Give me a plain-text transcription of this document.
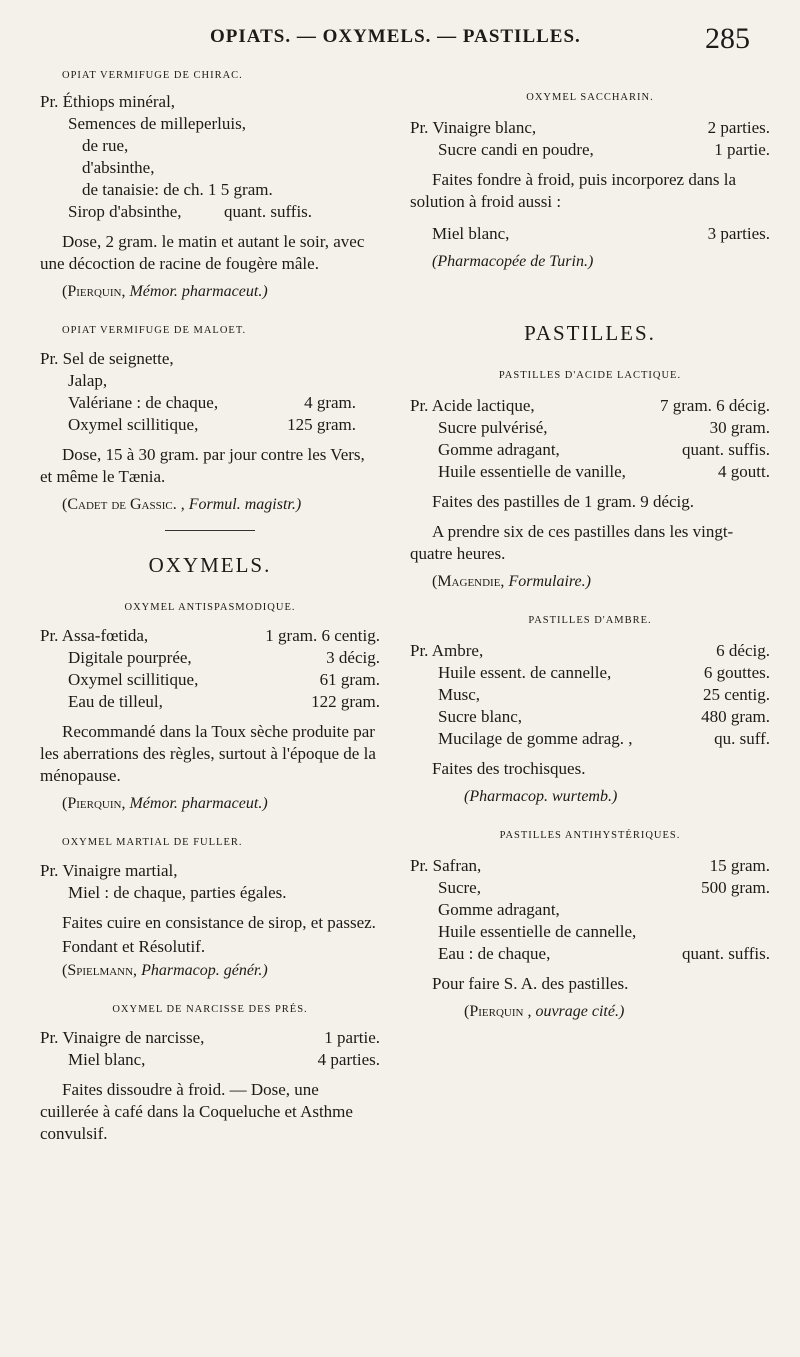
OPIATS. — OXYMELS. — PASTILLES.	285
OPIAT VERMIFUGE DE CHIRAC.
Pr. Éthiops minéral,
Semences de milleperluis,
de rue,
d'absinthe,
de tanaisie: de ch. 1 5 gram.
Sirop d'absinthe,          quant. suffis.
Dose, 2 gram. le matin et autant le soir, avec une décoction de racine de fougère mâle.
(Pierquin, Mémor. pharmaceut.)
OPIAT VERMIFUGE DE MALOET.
Pr. Sel de seignette,
Jalap,
Valériane : de chaque,	4 gram.
Oxymel scillitique,	125 gram.
Dose, 15 à 30 gram. par jour contre les Vers, et même le Tænia.
(Cadet de Gassic. , Formul. magistr.)
OXYMELS.
OXYMEL ANTISPASMODIQUE.
Pr. Assa-fœtida,	1 gram. 6 centig.
Digitale pourprée,	3 décig.
Oxymel scillitique,	61 gram.
Eau de tilleul,	122 gram.
Recommandé dans la Toux sèche produite par les aberrations des règles, surtout à l'époque de la ménopause.
(Pierquin, Mémor. pharmaceut.)
OXYMEL MARTIAL DE FULLER.
Pr. Vinaigre martial,
Miel : de chaque, parties égales.
Faites cuire en consistance de sirop, et passez.
Fondant et Résolutif.
(Spielmann, Pharmacop. génér.)
OXYMEL DE NARCISSE DES PRÉS.
Pr. Vinaigre de narcisse,	1 partie.
Miel blanc,	4 parties.
Faites dissoudre à froid. — Dose, une cuillerée à café dans la Coqueluche et Asthme convulsif.
OXYMEL SACCHARIN.
Pr. Vinaigre blanc,	2 parties.
Sucre candi en poudre,	1 partie.
Faites fondre à froid, puis incorporez dans la solution à froid aussi :
Miel blanc,	3 parties.
(Pharmacopée de Turin.)
PASTILLES.
PASTILLES D'ACIDE LACTIQUE.
Pr. Acide lactique,	7 gram. 6 décig.
Sucre pulvérisé,	30 gram.
Gomme adragant,	quant. suffis.
Huile essentielle de vanille,	4 goutt.
Faites des pastilles de 1 gram. 9 décig.
A prendre six de ces pastilles dans les vingt-quatre heures.
(Magendie, Formulaire.)
PASTILLES D'AMBRE.
Pr. Ambre,	6 décig.
Huile essent. de cannelle,	6 gouttes.
Musc,	25 centig.
Sucre blanc,	480 gram.
Mucilage de gomme adrag. ,	qu. suff.
Faites des trochisques.
(Pharmacop. wurtemb.)
PASTILLES ANTIHYSTÉRIQUES.
Pr. Safran,	15 gram.
Sucre,	500 gram.
Gomme adragant,
Huile essentielle de cannelle,
Eau : de chaque,	quant. suffis.
Pour faire S. A. des pastilles.
(Pierquin , ouvrage cité.)
